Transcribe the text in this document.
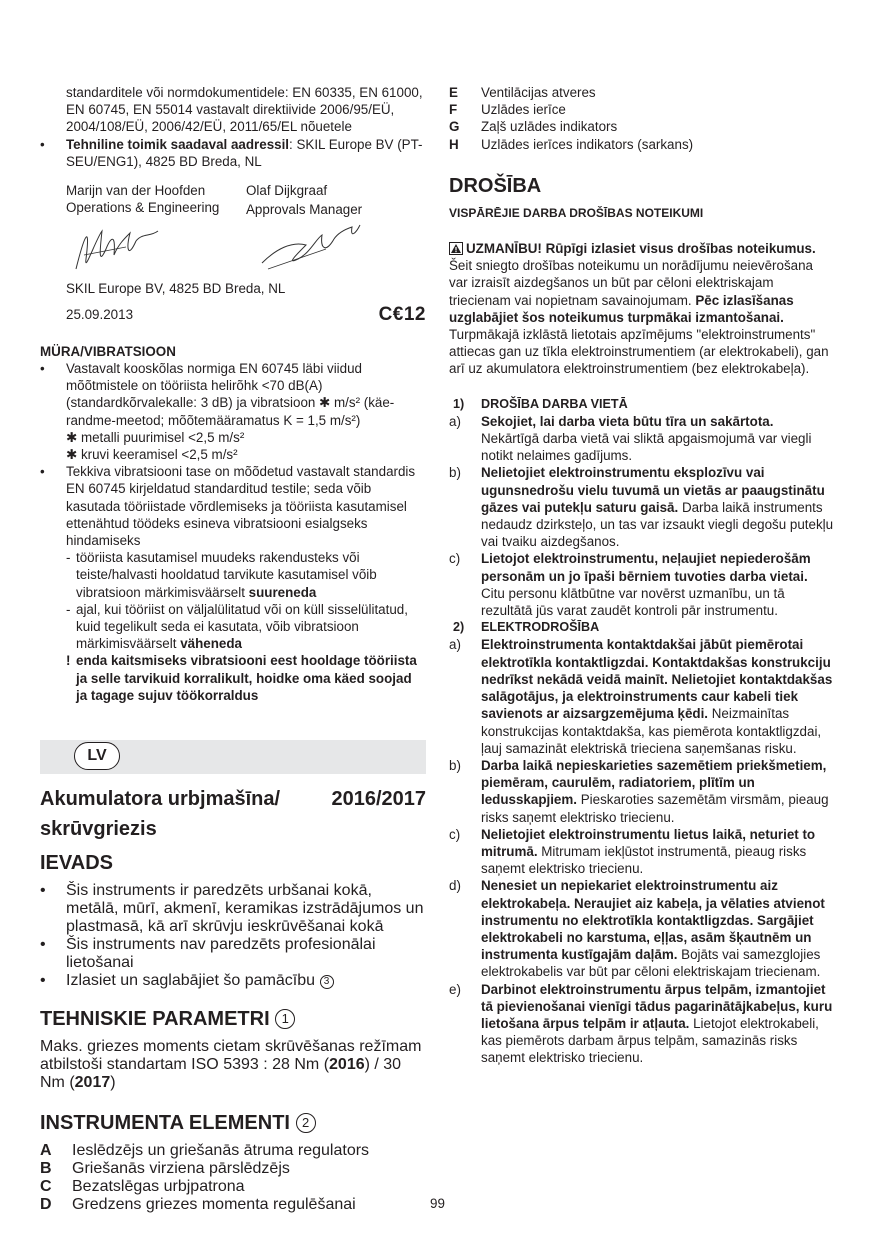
standarditele või normdokumentidele: EN 60335, EN 61000, EN 60745, EN 55014 vastavalt direktiivide 2006/95/EÜ, 2004/108/EÜ, 2006/42/EÜ, 2011/65/EL nõuetele

• Tehniline toimik saadaval aadressil: SKIL Europe BV (PT-SEU/ENG1), 4825 BD Breda, NL
Marijn van der Hoofden
Operations & Engineering
Olaf Dijkgraaf
Approvals Manager
SKIL Europe BV, 4825 BD Breda, NL
25.09.2013	C€12
MÜRA/VIBRATSIOON
• Vastavalt kooskõlas normiga EN 60745 läbi viidud mõõtmistele on tööriista helirõhk <70 dB(A) (standardkõrvalekalle: 3 dB) ja vibratsioon ✱ m/s² (käe-randme-meetod; mõõtemääramatus K = 1,5 m/s²)
✱ metalli puurimisel <2,5 m/s²
✱ kruvi keeramisel <2,5 m/s²
• Tekkiva vibratsiooni tase on mõõdetud vastavalt standardis EN 60745 kirjeldatud standarditud testile; seda võib kasutada tööriistade võrdlemiseks ja tööriista kasutamisel ettenähtud töödeks esineva vibratsiooni esialgseks hindamiseks
- tööriista kasutamisel muudeks rakendusteks või teiste/halvasti hooldatud tarvikute kasutamisel võib vibratsioon märkimisväärselt suureneda
- ajal, kui tööriist on väljalülitatud või on küll sisselülitatud, kuid tegelikult seda ei kasutata, võib vibratsioon märkimisväärselt väheneda
! enda kaitsmiseks vibratsiooni eest hooldage tööriista ja selle tarvikuid korralikult, hoidke oma käed soojad ja tagage sujuv töökorraldus
LV
Akumulatora urbjmašīna/	2016/2017
skrūvgriezis
IEVADS
• Šis instruments ir paredzēts urbšanai kokā, metālā, mūrī, akmenī, keramikas izstrādājumos un plastmasā, kā arī skrūvju ieskrūvēšanai kokā
• Šis instruments nav paredzēts profesionālai lietošanai
• Izlasiet un saglabājiet šo pamācību 3
TEHNISKIE PARAMETRI 1

Maks. griezes moments cietam skrūvēšanas režīmam atbilstoši standartam ISO 5393 : 28 Nm (2016) / 30 Nm (2017)

INSTRUMENTA ELEMENTI 2
A	Ieslēdzējs un griešanās ātruma regulators
B	Griešanās virziena pārslēdzējs
C	Bezatslēgas urbjpatrona
D	Gredzens griezes momenta regulēšanai
E	Ventilācijas atveres
F	Uzlādes ierīce
G	Zaļš uzlādes indikators
H	Uzlādes ierīces indikators (sarkans)
DROŠĪBA
VISPĀRĒJIE DARBA DROŠĪBAS NOTEIKUMI

UZMANĪBU! Rūpīgi izlasiet visus drošības noteikumus. Šeit sniegto drošības noteikumu un norādījumu neievērošana var izraisīt aizdegšanos un būt par cēloni elektriskajam triecienam vai nopietnam savainojumam. Pēc izlasīšanas uzglabājiet šos noteikumus turpmākai izmantošanai. Turpmākajā izklāstā lietotais apzīmējums "elektroinstruments" attiecas gan uz tīkla elektroinstrumentiem (ar elektrokabeli), gan arī uz akumulatora elektroinstrumentiem (bez elektrokabeļa).

1)	DROŠĪBA DARBA VIETĀ
a)	Sekojiet, lai darba vieta būtu tīra un sakārtota. Nekārtīgā darba vietā vai sliktā apgaismojumā var viegli notikt nelaimes gadījums.
b)	Nelietojiet elektroinstrumentu eksplozīvu vai ugunsnedrošu vielu tuvumā un vietās ar paaugstinātu gāzes vai putekļu saturu gaisā. Darba laikā instruments nedaudz dzirksteļo, un tas var izsaukt viegli degošu putekļu vai tvaiku aizdegšanos.
c)	Lietojot elektroinstrumentu, neļaujiet nepiederošām personām un jo īpaši bērniem tuvoties darba vietai. Citu personu klātbūtne var novērst uzmanību, un tā rezultātā jūs varat zaudēt kontroli pār instrumentu.
2)	ELEKTRODROŠĪBA
a)	Elektroinstrumenta kontaktdakšai jābūt piemērotai elektrotīkla kontaktligzdai. Kontaktdakšas konstrukciju nedrīkst nekādā veidā mainīt. Nelietojiet kontaktdakšas salāgotājus, ja elektroinstruments caur kabeli tiek savienots ar aizsargzemējuma ķēdi. Neizmainītas konstrukcijas kontaktdakša, kas piemērota kontaktligzdai, ļauj samazināt elektriskā trieciena saņemšanas risku.
b)	Darba laikā nepieskarieties sazemētiem priekšmetiem, piemēram, caurulēm, radiatoriem, plītīm un ledusskapjiem. Pieskaroties sazemētām virsmām, pieaug risks saņemt elektrisko triecienu.
c)	Nelietojiet elektroinstrumentu lietus laikā, neturiet to mitrumā. Mitrumam iekļūstot instrumentā, pieaug risks saņemt elektrisko triecienu.
d)	Nenesiet un nepiekariet elektroinstrumentu aiz elektrokabeļa. Neraujiet aiz kabeļa, ja vēlaties atvienot instrumentu no elektrotīkla kontaktligzdas. Sargājiet elektrokabeli no karstuma, eļļas, asām šķautnēm un instrumenta kustīgajām daļām. Bojāts vai samezglojies elektrokabelis var būt par cēloni elektriskajam triecienam.
e)	Darbinot elektroinstrumentu ārpus telpām, izmantojiet tā pievienošanai vienīgi tādus pagarinātājkabeļus, kuru lietošana ārpus telpām ir atļauta. Lietojot elektrokabeli, kas piemērots darbam ārpus telpām, samazinās risks saņemt elektrisko triecienu.
99
